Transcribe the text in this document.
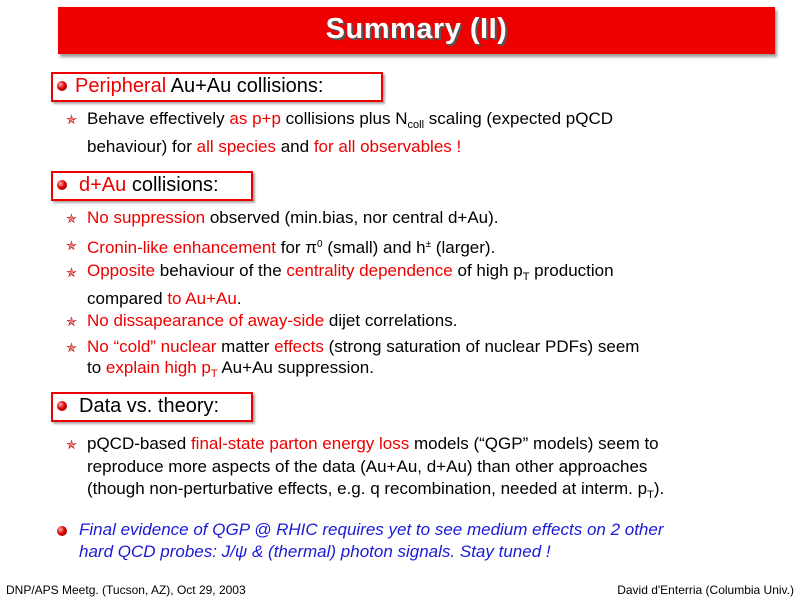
Summary (II)
Peripheral Au+Au collisions:
✯ Behave effectively as p+p collisions plus $N_{coll}$ scaling (expected pQCD
behaviour) for all species and for all observables !
d+Au collisions:
✯ No suppression observed (min.bias, nor central d+Au).
✯ Cronin-like enhancement for $\pi^0$ (small) and h± (larger).
✯ Opposite behaviour of the centrality dependence of high $p_T$ production
compared to Au+Au.
✯ No dissapearance of away-side dijet correlations.
✯ No “cold” nuclear matter effects (strong saturation of nuclear PDFs) seem
to explain high $p_T$ Au+Au suppression.
Data vs. theory:
✯ pQCD-based final-state parton energy loss models (“QGP” models) seem to
reproduce more aspects of the data (Au+Au, d+Au) than other approaches
(though non-perturbative effects, e.g. q recombination, needed at interm. $p_T$).
Final evidence of QGP @ RHIC requires yet to see medium effects on 2 other
hard QCD probes: J/ψ & (thermal) photon signals. Stay tuned !
DNP/APS Meetg. (Tucson, AZ), Oct 29, 2003	David d'Enterria (Columbia Univ.)
